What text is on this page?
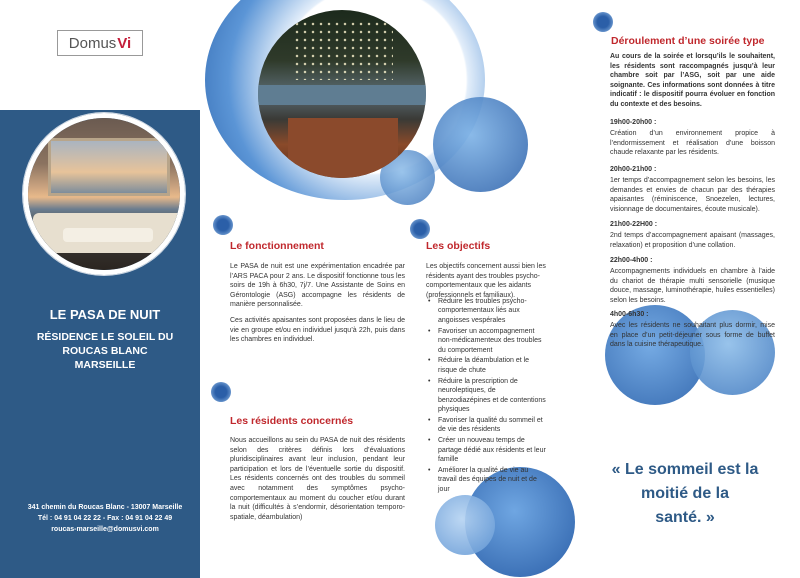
Domus Vi
LE PASA DE NUIT
RÉSIDENCE LE SOLEIL DU
ROUCAS BLANC
MARSEILLE
341 chemin du Roucas Blanc - 13007 Marseille
Tél : 04 91 04 22 22 - Fax : 04 91 04 22 49
roucas-marseille@domusvi.com
Le fonctionnement
Le PASA de nuit est une expérimentation encadrée par l’ARS PACA pour 2 ans. Le dispositif fonctionne tous les soirs de 19h à 6h30, 7j/7. Une Assistante de Soins en Gérontologie (ASG) accompagne les résidents de manière personnalisée.
Ces activités apaisantes sont proposées dans le lieu de vie en groupe et/ou en individuel jusqu’à 22h, puis dans les chambres en individuel.
Les résidents concernés
Nous accueillons au sein du PASA de nuit des résidents selon des critères définis lors d’évaluations pluridisciplinaires avant leur inclusion, pendant leur participation et lors de l’éventuelle sortie du dispositif. Les résidents concernés ont des troubles du sommeil avec notamment des symptômes psycho-comportementaux au moment du coucher et/ou durant la nuit (difficultés à s’endormir, désorientation temporo-spatiale, déambulation)
Les objectifs
Les objectifs concernent aussi bien les résidents ayant des troubles psycho-comportementaux que les aidants (professionnels et familiaux).
• Réduire les troubles psycho-comportementaux liés aux angoisses vespérales
• Favoriser un accompagnement non-médicamenteux des troubles du comportement
• Réduire la déambulation et le risque de chute
• Réduire la prescription de neuroleptiques, de benzodiazépines et de contentions physiques
• Favoriser la qualité du sommeil et de vie des résidents
• Créer un nouveau temps de partage dédié aux résidents et leur famille
• Améliorer la qualité de vie au travail des équipes de nuit et de jour
Déroulement d’une soirée type
Au cours de la soirée et lorsqu’ils le souhaitent, les résidents sont raccompagnés jusqu’à leur chambre soit par l’ASG, soit par une aide soignante. Ces informations sont données à titre indicatif : le dispositif pourra évoluer en fonction du contexte et des besoins.
19h00-20h00 :
Création d’un environnement propice à l’endormissement et réalisation d’une boisson chaude relaxante par les résidents.
20h00-21h00 :
1er temps d’accompagnement selon les besoins, les demandes et envies de chacun par des thérapies apaisantes (réminiscence, Snoezelen, lectures, visionnage de documentaires, écoute musicale).
21h00-22H00 :
2nd temps d’accompagnement apaisant (massages, relaxation) et proposition d’une collation.
22h00-4h00 :
Accompagnements individuels en chambre à l’aide du chariot de thérapie multi sensorielle (musique douce, massage, luminothérapie, huiles essentielles) selon les besoins.
4h00-6h30 :
Avec les résidents ne souhaitant plus dormir, mise en place d’un petit-déjeuner sous forme de buffet dans la cuisine thérapeutique.
« Le sommeil est la
moitié de la
santé. »
